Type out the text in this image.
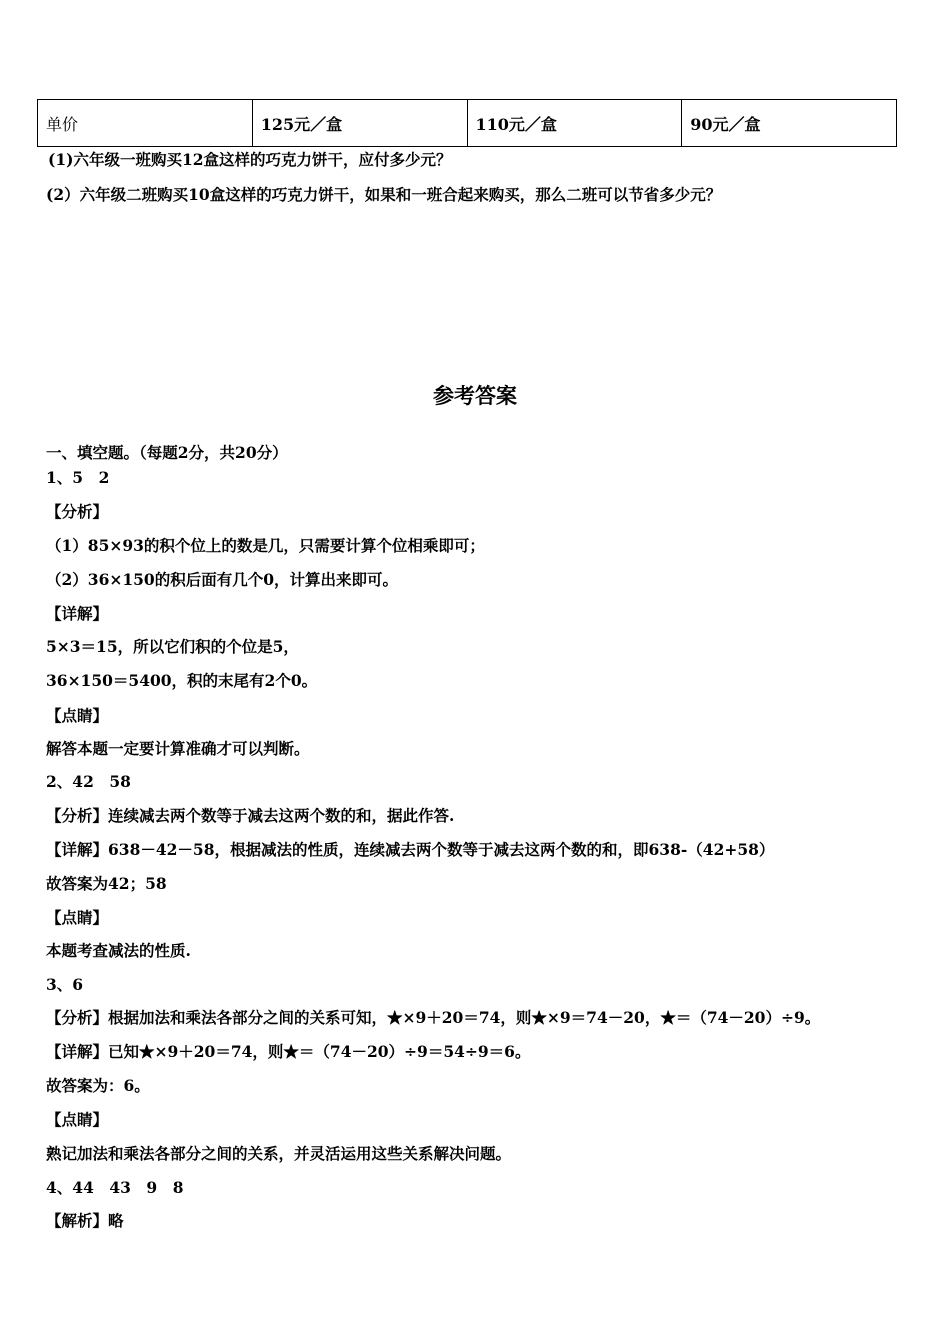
单价	125元／盒	110元／盒	90元／盒
(1)六年级一班购买12盒这样的巧克力饼干，应付多少元？
(2）六年级二班购买10盒这样的巧克力饼干，如果和一班合起来购买，那么二班可以节省多少元？
参考答案
一、填空题。（每题2分，共20分）
1、5　2
【分析】
（1）85×93的积个位上的数是几，只需要计算个位相乘即可；
（2）36×150的积后面有几个0，计算出来即可。
【详解】
5×3＝15，所以它们积的个位是5，
36×150＝5400，积的末尾有2个0。
【点睛】
解答本题一定要计算准确才可以判断。
2、42　58
【分析】连续减去两个数等于减去这两个数的和，据此作答.
【详解】638－42－58，根据减法的性质，连续减去两个数等于减去这两个数的和，即638-（42+58）
故答案为42；58
【点睛】
本题考查减法的性质.
3、6
【分析】根据加法和乘法各部分之间的关系可知，★×9＋20＝74，则★×9＝74－20，★＝（74－20）÷9。
【详解】已知★×9＋20＝74，则★＝（74－20）÷9＝54÷9＝6。
故答案为：6。
【点睛】
熟记加法和乘法各部分之间的关系，并灵活运用这些关系解决问题。
4、44　43　9　8
【解析】略
